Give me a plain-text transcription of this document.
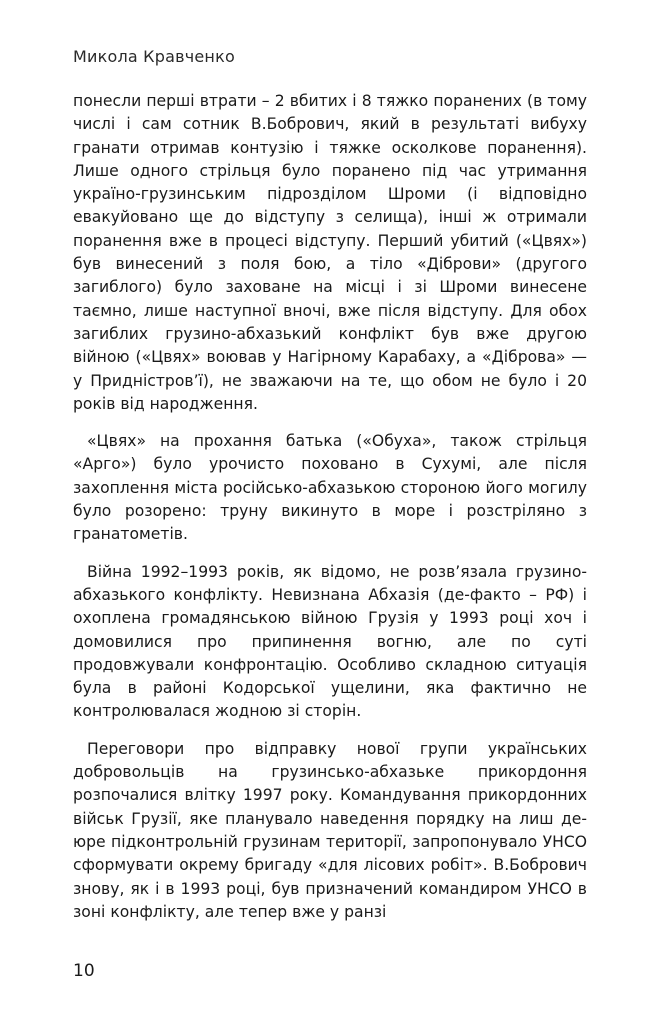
Микола Кравченко

понесли перші втрати – 2 вбитих і 8 тяжко поранених (в тому числі і сам сотник В.Бобрович, який в результаті вибуху гранати отримав контузію і тяжке осколкове поранення). Лише одного стрільця було поранено під час утримання україно-грузинським підрозділом Шроми (і відповідно евакуйовано ще до відступу з селища), інші ж отримали поранення вже в процесі відступу. Перший убитий («Цвях») був винесений з поля бою, а тіло «Діброви» (другого загиблого) було заховане на місці і зі Шроми винесене таємно, лише наступної вночі, вже після відступу. Для обох загиблих грузино-абхазький конфлікт був вже другою війною («Цвях» воював у Нагірному Карабаху, а «Діброва» — у Придністров’ї), не зважаючи на те, що обом не було і 20 років від народження.

«Цвях» на прохання батька («Обуха», також стрільця «Арго») було урочисто поховано в Сухумі, але після захоплення міста російсько-абхазькою стороною його могилу було розорено: труну викинуто в море і розстріляно з гранатометів.

Війна 1992–1993 років, як відомо, не розв’язала грузино-абхазького конфлікту. Невизнана Абхазія (де-факто – РФ) і охоплена громадянською війною Грузія у 1993 році хоч і домовилися про припинення вогню, але по суті продовжували конфронтацію. Особливо складною ситуація була в районі Кодорської ущелини, яка фактично не контролювалася жодною зі сторін.

Переговори про відправку нової групи українських добровольців на грузинсько-абхазьке прикордоння розпочалися влітку 1997 року. Командування прикордонних військ Грузії, яке планувало наведення порядку на лиш де-юре підконтрольній грузинам території, запропонувало УНСО сформувати окрему бригаду «для лісових робіт». В.Бобрович знову, як і в 1993 році, був призначений командиром УНСО в зоні конфлікту, але тепер вже у ранзі

10
